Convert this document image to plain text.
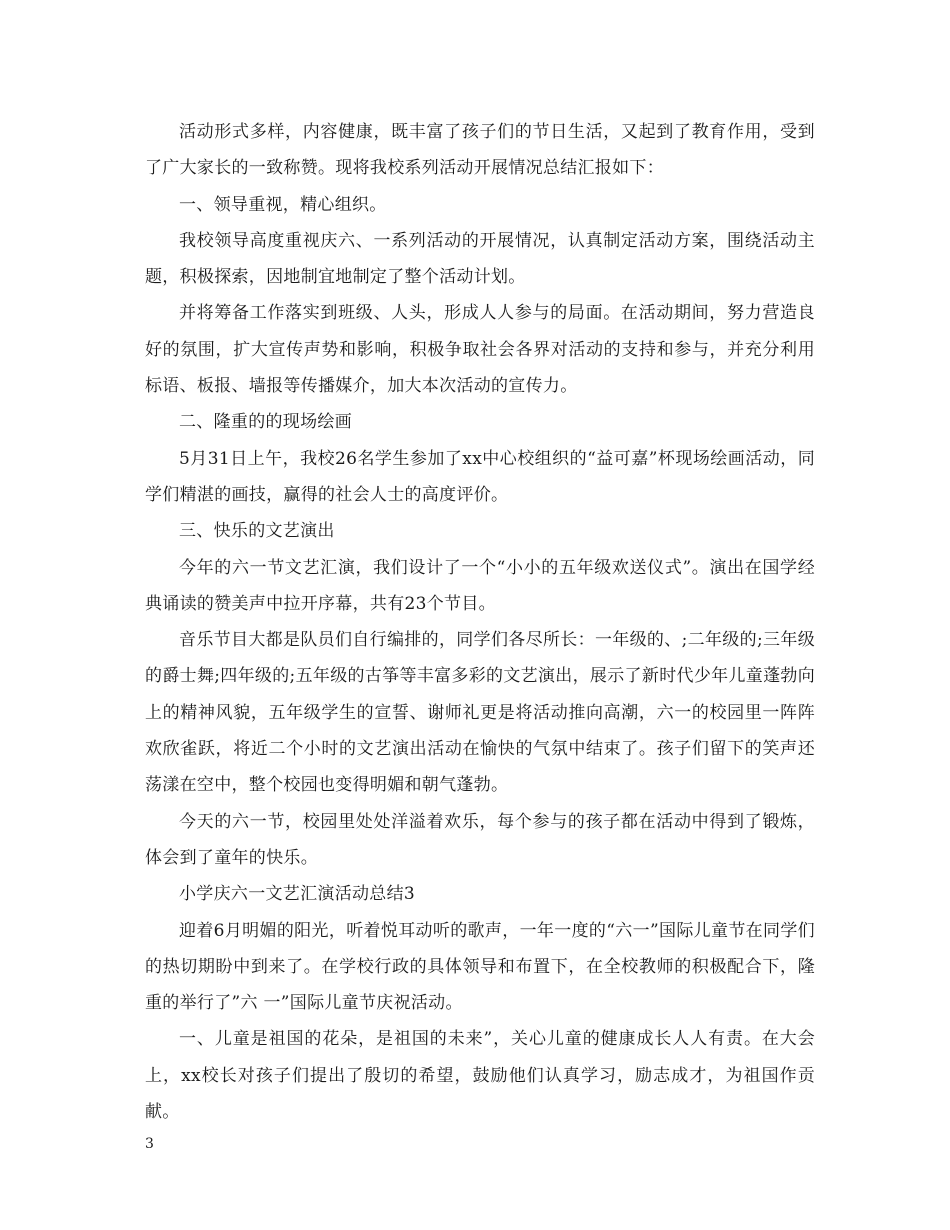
活动形式多样，内容健康，既丰富了孩子们的节日生活，又起到了教育作用，受到了广大家长的一致称赞。现将我校系列活动开展情况总结汇报如下：

一、领导重视，精心组织。

我校领导高度重视庆六、一系列活动的开展情况，认真制定活动方案，围绕活动主题，积极探索，因地制宜地制定了整个活动计划。

并将筹备工作落实到班级、人头，形成人人参与的局面。在活动期间，努力营造良好的氛围，扩大宣传声势和影响，积极争取社会各界对活动的支持和参与，并充分利用标语、板报、墙报等传播媒介，加大本次活动的宣传力。

二、隆重的的现场绘画

5月31日上午，我校26名学生参加了xx中心校组织的“益可嘉”杯现场绘画活动，同学们精湛的画技，赢得的社会人士的高度评价。

三、快乐的文艺演出

今年的六一节文艺汇演，我们设计了一个“小小的五年级欢送仪式”。演出在国学经典诵读的赞美声中拉开序幕，共有23个节目。

音乐节目大都是队员们自行编排的，同学们各尽所长：一年级的、;二年级的;三年级的爵士舞;四年级的;五年级的古筝等丰富多彩的文艺演出，展示了新时代少年儿童蓬勃向上的精神风貌，五年级学生的宣誓、谢师礼更是将活动推向高潮，六一的校园里一阵阵欢欣雀跃，将近二个小时的文艺演出活动在愉快的气氛中结束了。孩子们留下的笑声还荡漾在空中，整个校园也变得明媚和朝气蓬勃。

今天的六一节，校园里处处洋溢着欢乐，每个参与的孩子都在活动中得到了锻炼，体会到了童年的快乐。

小学庆六一文艺汇演活动总结3

迎着6月明媚的阳光，听着悦耳动听的歌声，一年一度的“六一”国际儿童节在同学们的热切期盼中到来了。在学校行政的具体领导和布置下，在全校教师的积极配合下，隆重的举行了”六 一”国际儿童节庆祝活动。

一、儿童是祖国的花朵，是祖国的未来”，关心儿童的健康成长人人有责。在大会上，xx校长对孩子们提出了殷切的希望，鼓励他们认真学习，励志成才，为祖国作贡献。

3
